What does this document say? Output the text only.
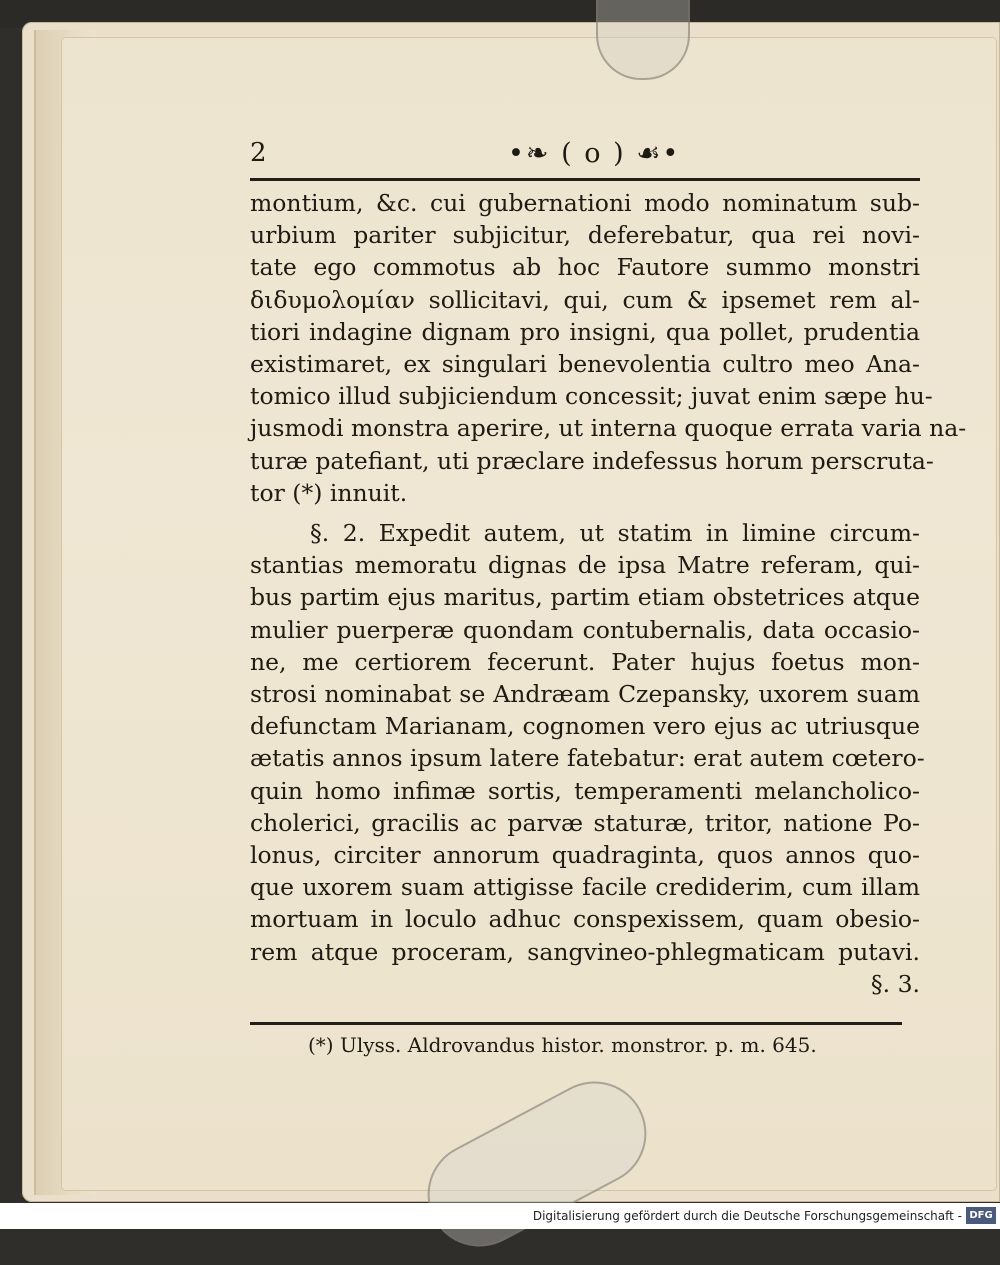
2	•❧ ( o ) ☙•
montium, &c. cui gubernationi modo nominatum sub-
urbium pariter subjicitur, deferebatur, qua rei novi-
tate ego commotus ab hoc Fautore summo monstri
διδυμολομίαν sollicitavi, qui, cum & ipsemet rem al-
tiori indagine dignam pro insigni, qua pollet, prudentia
existimaret, ex singulari benevolentia cultro meo Ana-
tomico illud subjiciendum concessit; juvat enim sæpe hu-
jusmodi monstra aperire, ut interna quoque errata varia na-
turæ patefiant, uti præclare indefessus horum perscruta-
tor (*) innuit.
§. 2. Expedit autem, ut statim in limine circum-
stantias memoratu dignas de ipsa Matre referam, qui-
bus partim ejus maritus, partim etiam obstetrices atque
mulier puerperæ quondam contubernalis, data occasio-
ne, me certiorem fecerunt. Pater hujus foetus mon-
strosi nominabat se Andræam Czepansky, uxorem suam
defunctam Marianam, cognomen vero ejus ac utriusque
ætatis annos ipsum latere fatebatur: erat autem cœtero-
quin homo infimæ sortis, temperamenti melancholico-
cholerici, gracilis ac parvæ staturæ, tritor, natione Po-
lonus, circiter annorum quadraginta, quos annos quo-
que uxorem suam attigisse facile crediderim, cum illam
mortuam in loculo adhuc conspexissem, quam obesio-
rem atque proceram, sangvineo-phlegmaticam putavi.
§. 3.
(*) Ulyss. Aldrovandus histor. monstror. p. m. 645.
Digitalisierung gefördert durch die Deutsche Forschungsgemeinschaft - DFG
